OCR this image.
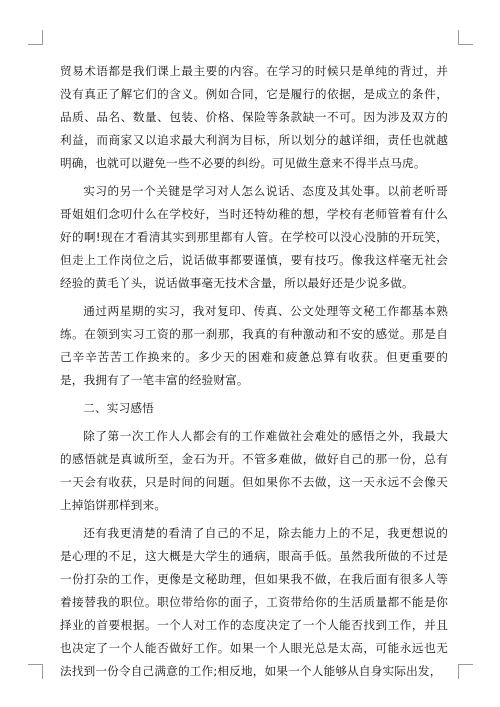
贸易术语都是我们课上最主要的内容。在学习的时候只是单纯的背过，并没有真正了解它们的含义。例如合同，它是履行的依据，是成立的条件，品质、品名、数量、包装、价格、保险等条款缺一不可。因为涉及双方的利益，而商家又以追求最大利润为目标，所以划分的越详细，责任也就越明确，也就可以避免一些不必要的纠纷。可见做生意来不得半点马虎。

实习的另一个关键是学习对人怎么说话、态度及其处事。以前老听哥哥姐姐们念叨什么在学校好，当时还特幼稚的想，学校有老师管着有什么好的啊!现在才看清其实到那里都有人管。在学校可以没心没肺的开玩笑，但走上工作岗位之后，说话做事都要谨慎，要有技巧。像我这样毫无社会经验的黄毛丫头，说话做事毫无技术含量，所以最好还是少说多做。

通过两星期的实习，我对复印、传真、公文处理等文秘工作都基本熟练。在领到实习工资的那一刹那，我真的有种激动和不安的感觉。那是自己辛辛苦苦工作换来的。多少天的困难和疲惫总算有收获。但更重要的是，我拥有了一笔丰富的经验财富。

二、实习感悟

除了第一次工作人人都会有的工作难做社会难处的感悟之外，我最大的感悟就是真诚所至，金石为开。不管多难做，做好自己的那一份，总有一天会有收获，只是时间的问题。但如果你不去做，这一天永远不会像天上掉馅饼那样到来。

还有我更清楚的看清了自己的不足，除去能力上的不足，我更想说的是心理的不足，这大概是大学生的通病，眼高手低。虽然我所做的不过是一份打杂的工作，更像是文秘助理，但如果我不做，在我后面有很多人等着接替我的职位。职位带给你的面子，工资带给你的生活质量都不能是你择业的首要根据。一个人对工作的态度决定了一个人能否找到工作，并且也决定了一个人能否做好工作。如果一个人眼光总是太高，可能永远也无法找到一份令自己满意的工作;相反地，如果一个人能够从自身实际出发，
